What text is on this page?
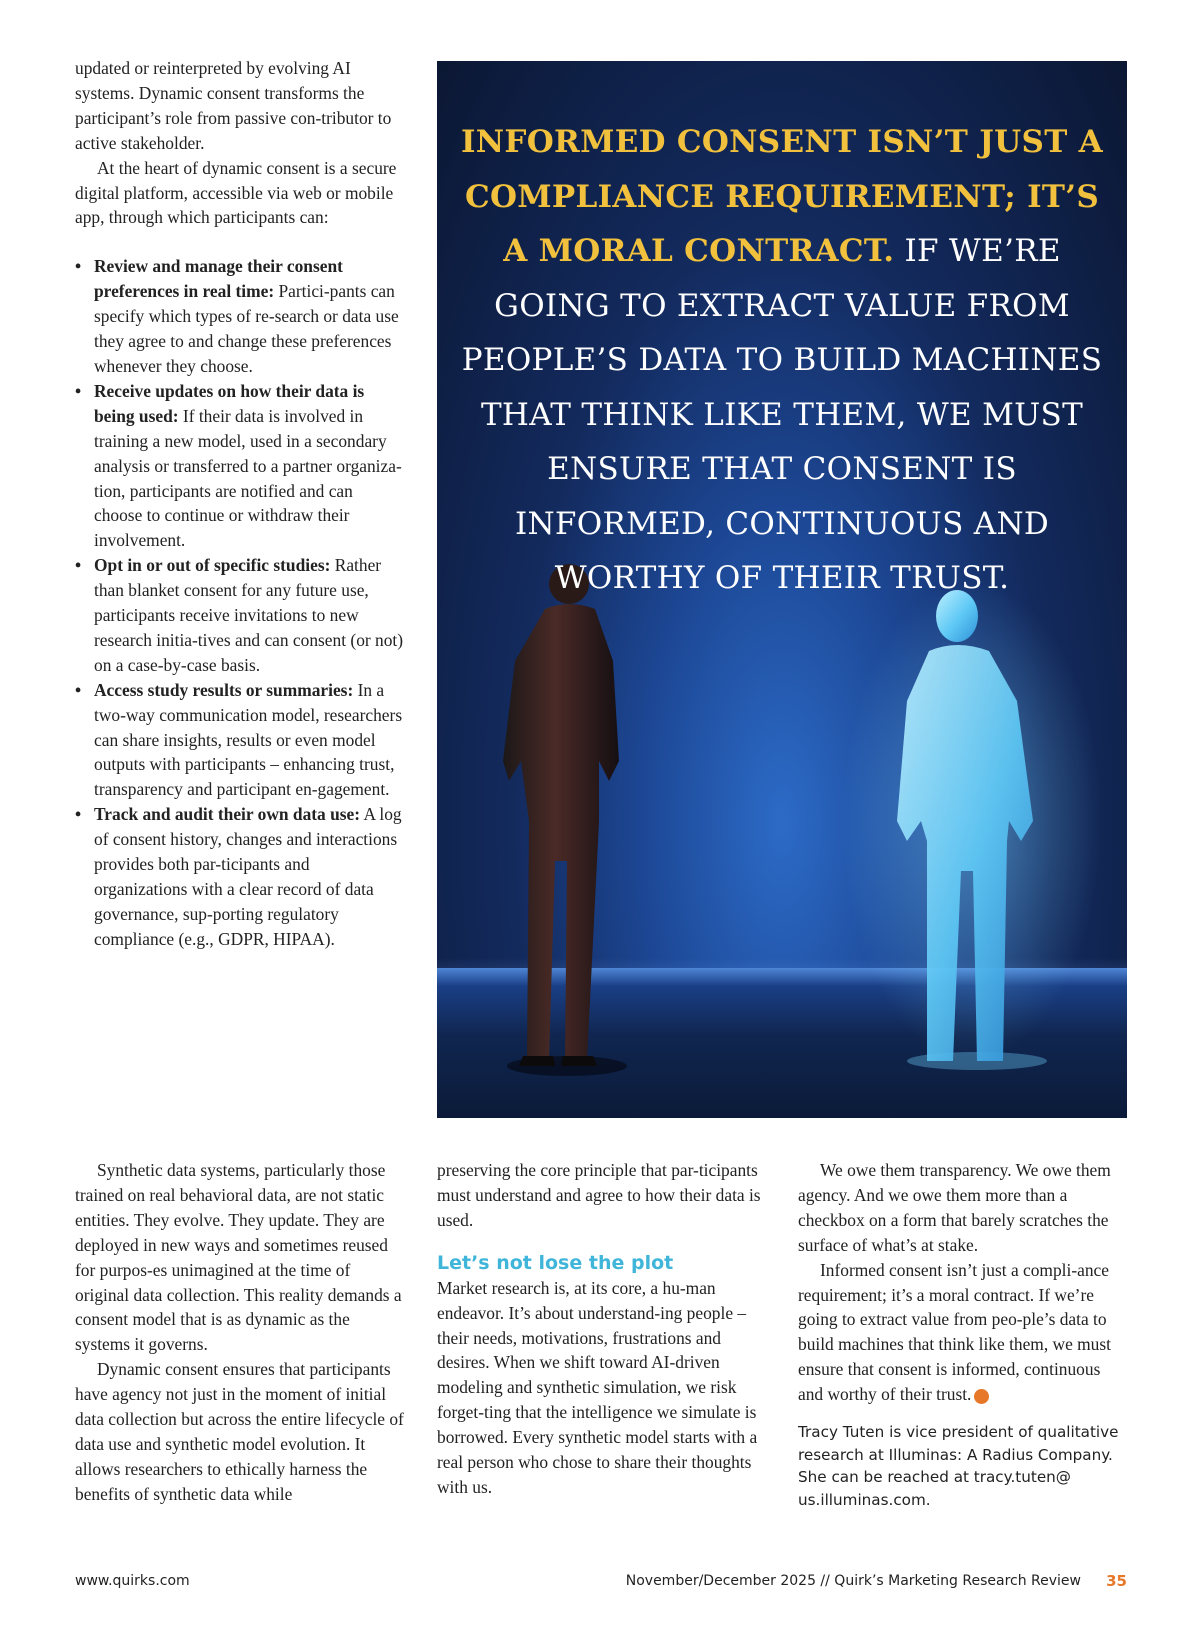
updated or reinterpreted by evolving AI systems. Dynamic consent transforms the participant’s role from passive con-tributor to active stakeholder.

At the heart of dynamic consent is a secure digital platform, accessible via web or mobile app, through which participants can:

• Review and manage their consent preferences in real time: Partici-pants can specify which types of re-search or data use they agree to and change these preferences whenever they choose.
• Receive updates on how their data is being used: If their data is involved in training a new model, used in a secondary analysis or transferred to a partner organiza-tion, participants are notified and can choose to continue or withdraw their involvement.
• Opt in or out of specific studies: Rather than blanket consent for any future use, participants receive invitations to new research initia-tives and can consent (or not) on a case-by-case basis.
• Access study results or summaries: In a two-way communication model, researchers can share insights, results or even model outputs with participants – enhancing trust, transparency and participant en-gagement.
• Track and audit their own data use: A log of consent history, changes and interactions provides both par-ticipants and organizations with a clear record of data governance, sup-porting regulatory compliance (e.g., GDPR, HIPAA).
INFORMED CONSENT ISN’T JUST A COMPLIANCE REQUIREMENT; IT’S A MORAL CONTRACT. IF WE’RE GOING TO EXTRACT VALUE FROM PEOPLE’S DATA TO BUILD MACHINES THAT THINK LIKE THEM, WE MUST ENSURE THAT CONSENT IS INFORMED, CONTINUOUS AND WORTHY OF THEIR TRUST.

Synthetic data systems, particularly those trained on real behavioral data, are not static entities. They evolve. They update. They are deployed in new ways and sometimes reused for purpos-es unimagined at the time of original data collection. This reality demands a consent model that is as dynamic as the systems it governs.

Dynamic consent ensures that participants have agency not just in the moment of initial data collection but across the entire lifecycle of data use and synthetic model evolution. It allows researchers to ethically harness the benefits of synthetic data while

preserving the core principle that par-ticipants must understand and agree to how their data is used.

Let’s not lose the plot

Market research is, at its core, a hu-man endeavor. It’s about understand-ing people – their needs, motivations, frustrations and desires. When we shift toward AI-driven modeling and synthetic simulation, we risk forget-ting that the intelligence we simulate is borrowed. Every synthetic model starts with a real person who chose to share their thoughts with us.

We owe them transparency. We owe them agency. And we owe them more than a checkbox on a form that barely scratches the surface of what’s at stake.

Informed consent isn’t just a compli-ance requirement; it’s a moral contract. If we’re going to extract value from peo-ple’s data to build machines that think like them, we must ensure that consent is informed, continuous and worthy of their trust.	Q

Tracy Tuten is vice president of qualitative research at Illuminas: A Radius Company. She can be reached at tracy.tuten@ us.illuminas.com.
www.quirks.com	November/December 2025 // Quirk’s Marketing Research Review 35
